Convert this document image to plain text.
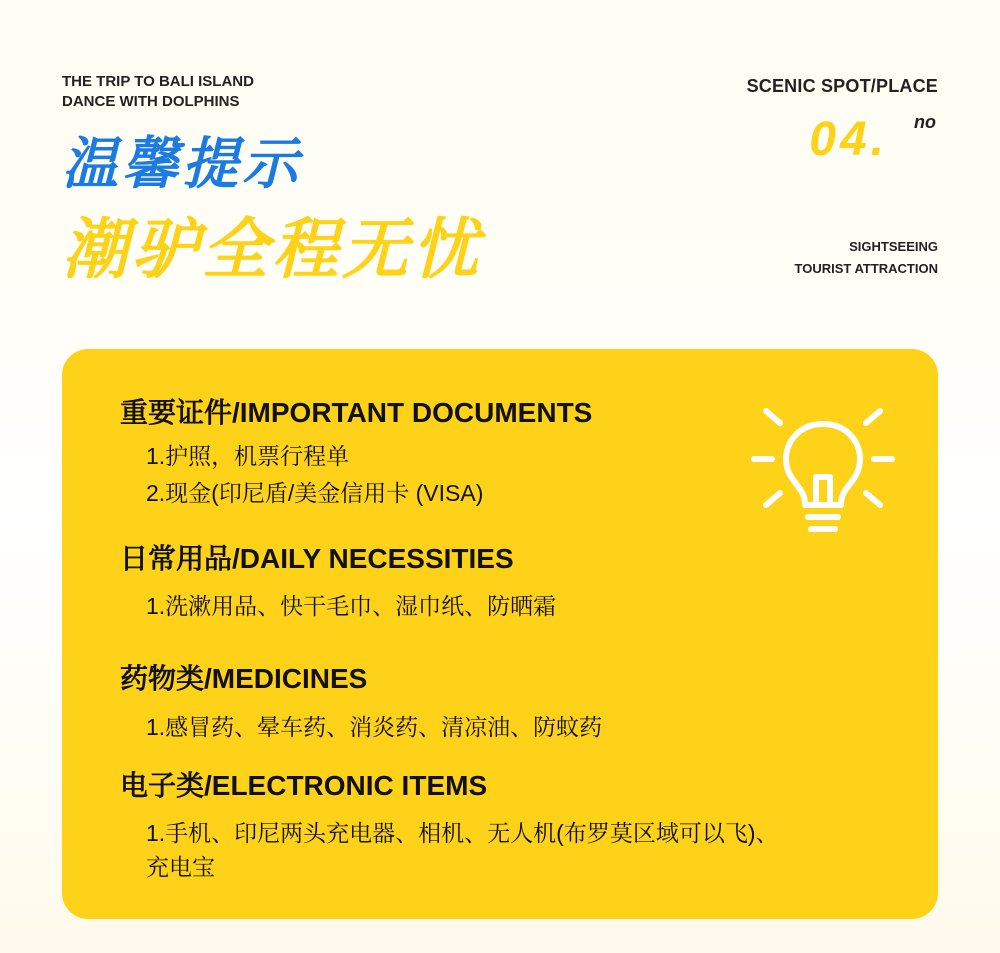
THE TRIP TO BALI ISLAND
DANCE WITH DOLPHINS
SCENIC SPOT/PLACE
04. no
温馨提示
潮驴全程无忧	SIGHTSEEING
TOURIST ATTRACTION
重要证件/IMPORTANT DOCUMENTS
1.护照，机票行程单
2.现金(印尼盾/美金信用卡 (VISA)
日常用品/DAILY NECESSITIES
1.洗漱用品、快干毛巾、湿巾纸、防晒霜
药物类/MEDICINES
1.感冒药、晕车药、消炎药、清凉油、防蚊药
电子类/ELECTRONIC ITEMS
1.手机、印尼两头充电器、相机、无人机(布罗莫区域可以飞)、
充电宝
